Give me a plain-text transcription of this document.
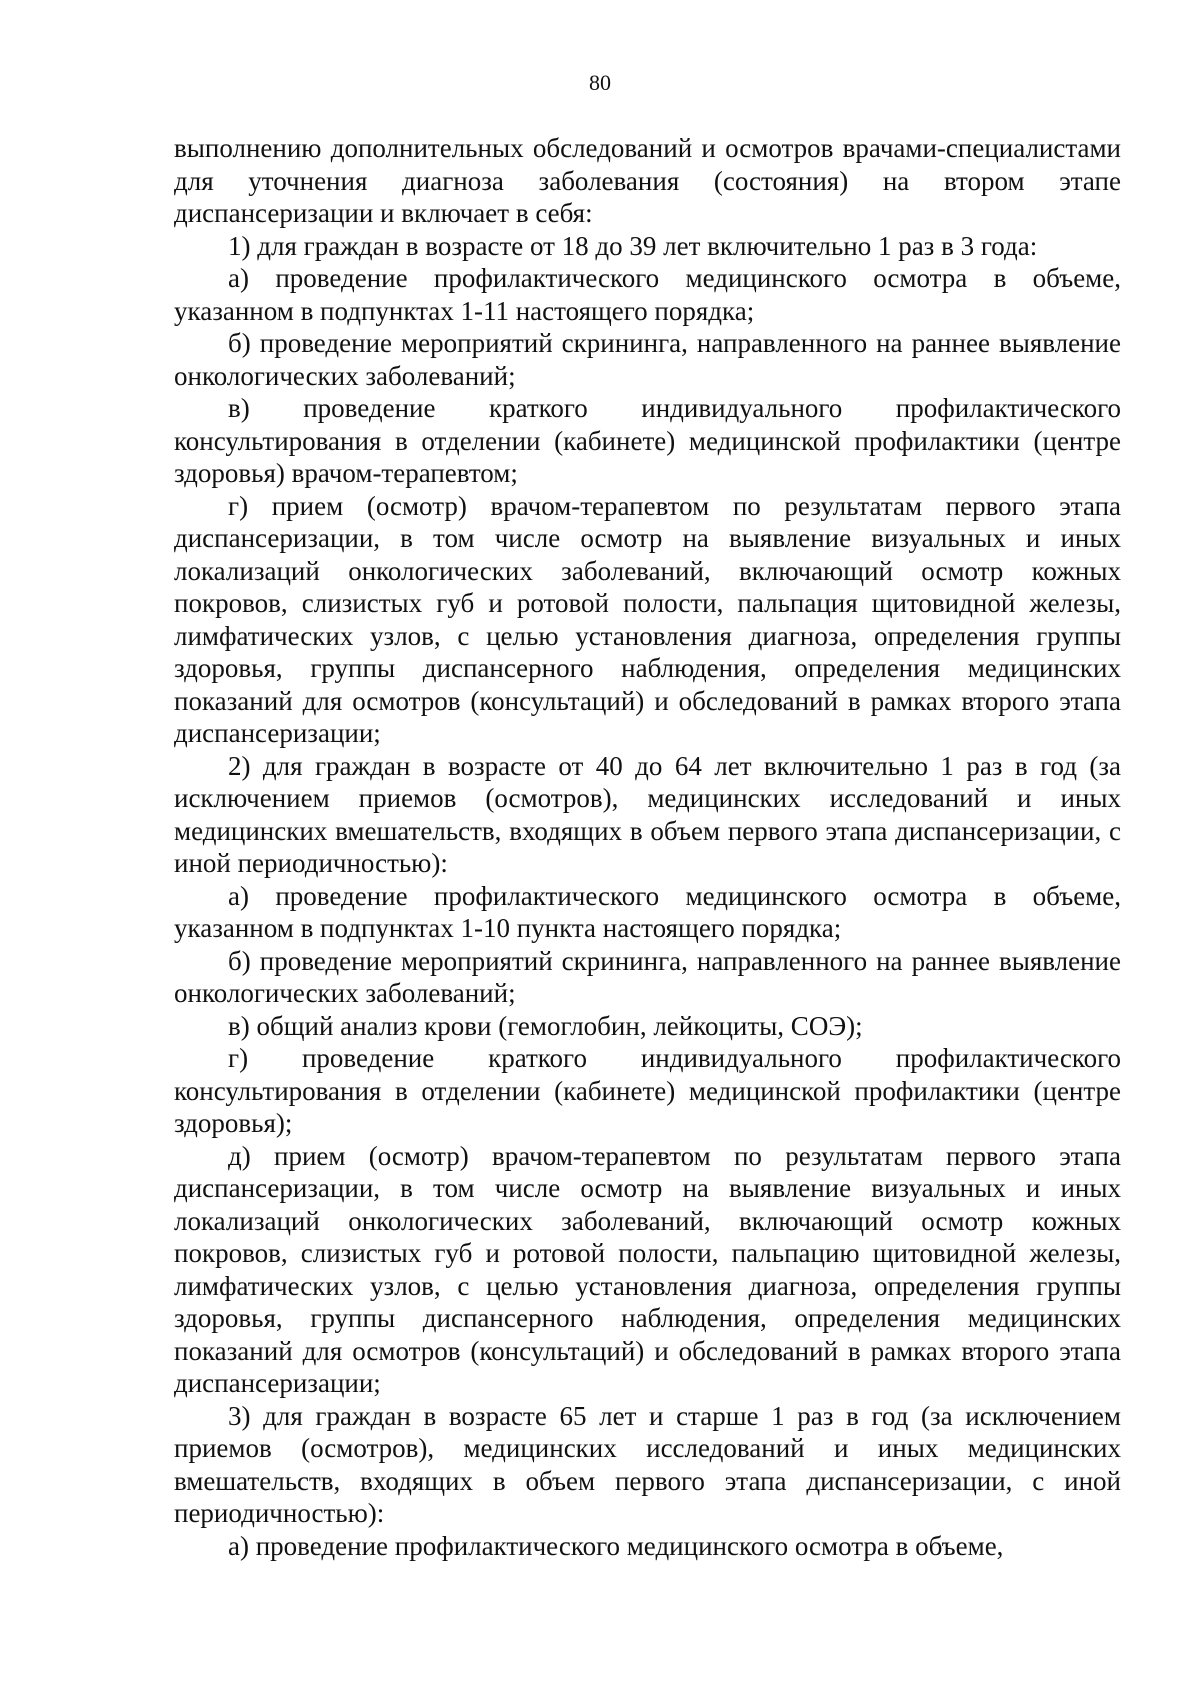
80

выполнению дополнительных обследований и осмотров врачами-специалистами для уточнения диагноза заболевания (состояния) на втором этапе диспансеризации и включает в себя:

1) для граждан в возрасте от 18 до 39 лет включительно 1 раз в 3 года:

а) проведение профилактического медицинского осмотра в объеме, указанном в подпунктах 1-11 настоящего порядка;

б) проведение мероприятий скрининга, направленного на раннее выявление онкологических заболеваний;

в) проведение краткого индивидуального профилактического консультирования в отделении (кабинете) медицинской профилактики (центре здоровья) врачом-терапевтом;

г) прием (осмотр) врачом-терапевтом по результатам первого этапа диспансеризации, в том числе осмотр на выявление визуальных и иных локализаций онкологических заболеваний, включающий осмотр кожных покровов, слизистых губ и ротовой полости, пальпация щитовидной железы, лимфатических узлов, с целью установления диагноза, определения группы здоровья, группы диспансерного наблюдения, определения медицинских показаний для осмотров (консультаций) и обследований в рамках второго этапа диспансеризации;

2) для граждан в возрасте от 40 до 64 лет включительно 1 раз в год (за исключением приемов (осмотров), медицинских исследований и иных медицинских вмешательств, входящих в объем первого этапа диспансеризации, с иной периодичностью):

а) проведение профилактического медицинского осмотра в объеме, указанном в подпунктах 1-10 пункта настоящего порядка;

б) проведение мероприятий скрининга, направленного на раннее выявление онкологических заболеваний;

в) общий анализ крови (гемоглобин, лейкоциты, СОЭ);

г) проведение краткого индивидуального профилактического консультирования в отделении (кабинете) медицинской профилактики (центре здоровья);

д) прием (осмотр) врачом-терапевтом по результатам первого этапа диспансеризации, в том числе осмотр на выявление визуальных и иных локализаций онкологических заболеваний, включающий осмотр кожных покровов, слизистых губ и ротовой полости, пальпацию щитовидной железы, лимфатических узлов, с целью установления диагноза, определения группы здоровья, группы диспансерного наблюдения, определения медицинских показаний для осмотров (консультаций) и обследований в рамках второго этапа диспансеризации;

3) для граждан в возрасте 65 лет и старше 1 раз в год (за исключением приемов (осмотров), медицинских исследований и иных медицинских вмешательств, входящих в объем первого этапа диспансеризации, с иной периодичностью):

а) проведение профилактического медицинского осмотра в объеме,
